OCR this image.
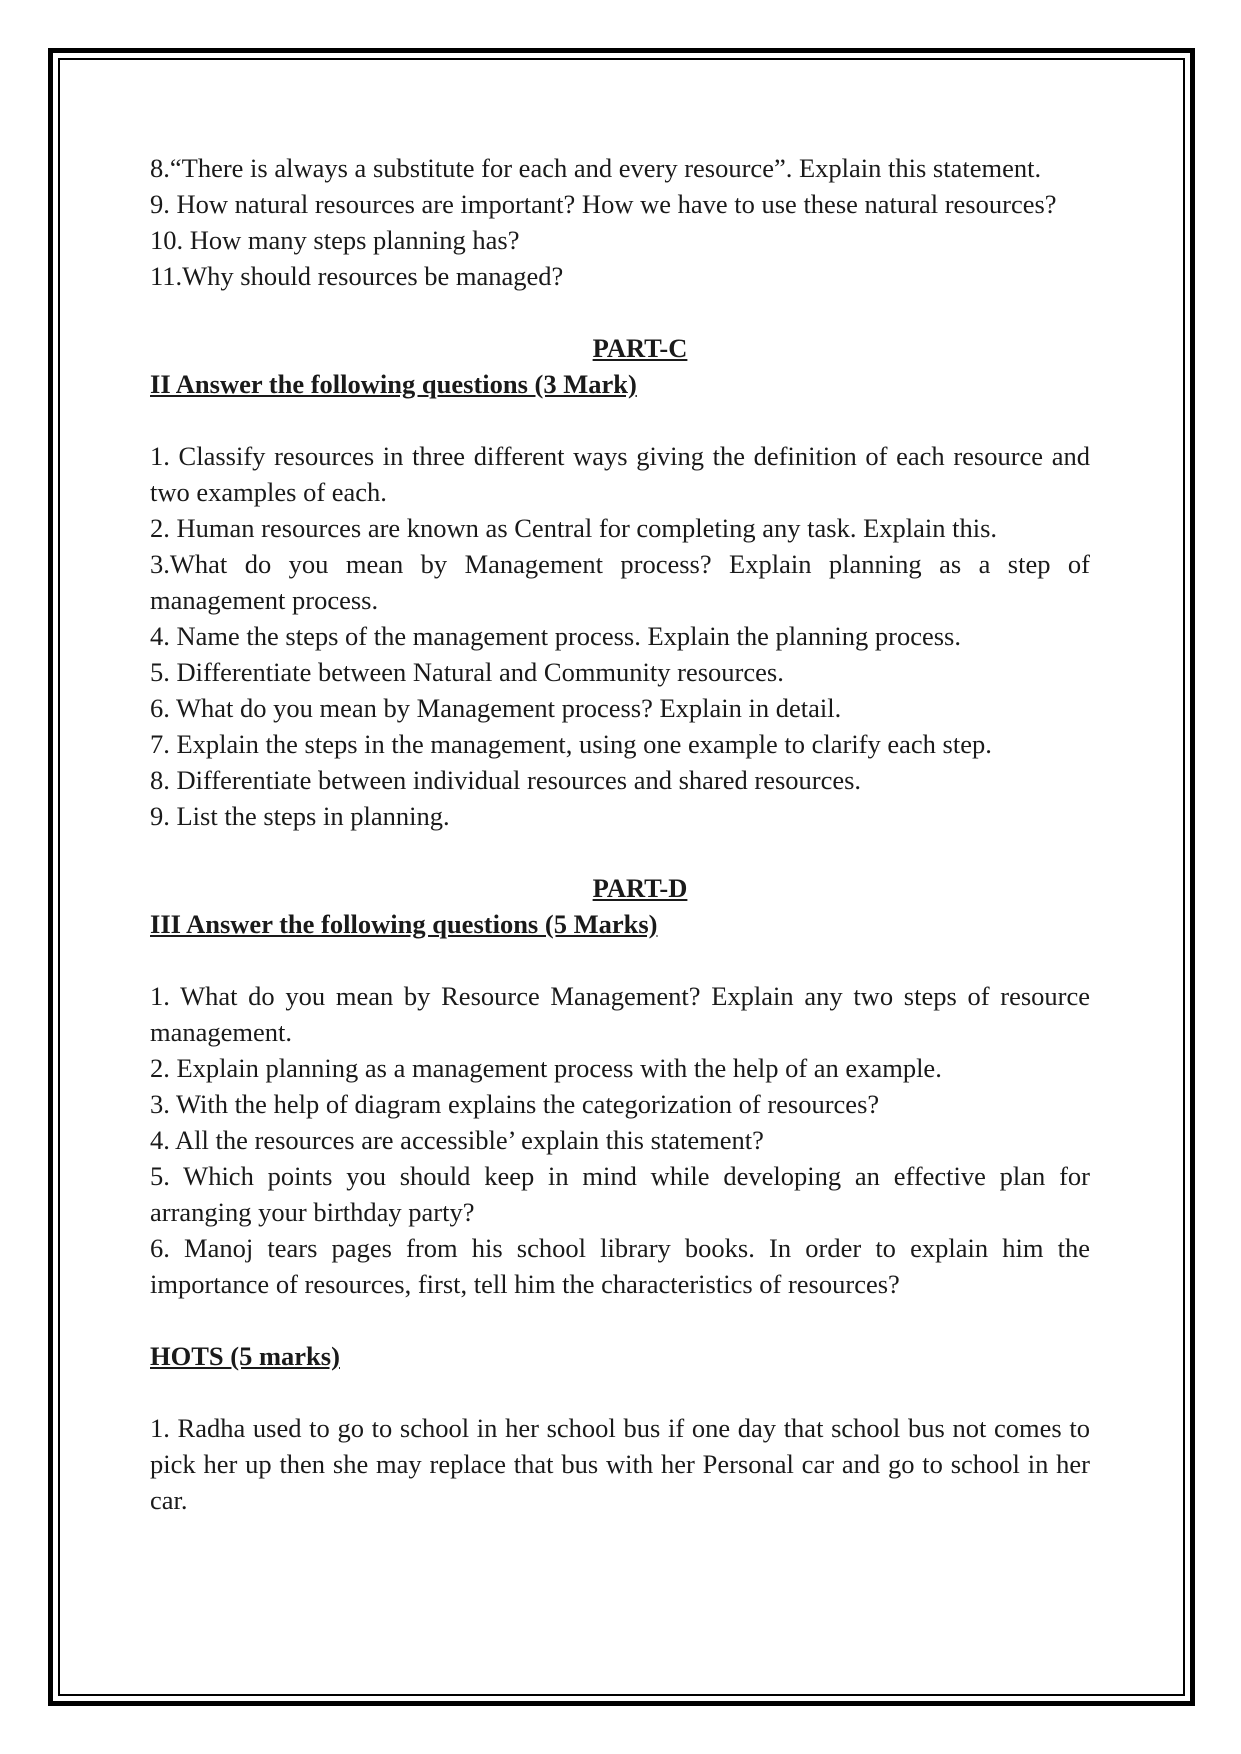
8.“There is always a substitute for each and every resource”. Explain this statement.

9. How natural resources are important? How we have to use these natural resources?

10. How many steps planning has?

11.Why should resources be managed?

PART-C

II Answer the following questions (3 Mark)

1. Classify resources in three different ways giving the definition of each resource and two examples of each.

2. Human resources are known as Central for completing any task. Explain this.

3.What do you mean by Management process? Explain planning as a step of management process.

4. Name the steps of the management process. Explain the planning process.

5. Differentiate between Natural and Community resources.

6. What do you mean by Management process? Explain in detail.

7. Explain the steps in the management, using one example to clarify each step.

8. Differentiate between individual resources and shared resources.

9. List the steps in planning.

PART-D

III Answer the following questions (5 Marks)

1. What do you mean by Resource Management? Explain any two steps of resource management.

2. Explain planning as a management process with the help of an example.

3. With the help of diagram explains the categorization of resources?

4. All the resources are accessible’ explain this statement?

5. Which points you should keep in mind while developing an effective plan for arranging your birthday party?

6. Manoj tears pages from his school library books. In order to explain him the importance of resources, first, tell him the characteristics of resources?

HOTS (5 marks)

1. Radha used to go to school in her school bus if one day that school bus not comes to pick her up then she may replace that bus with her Personal car and go to school in her car.
